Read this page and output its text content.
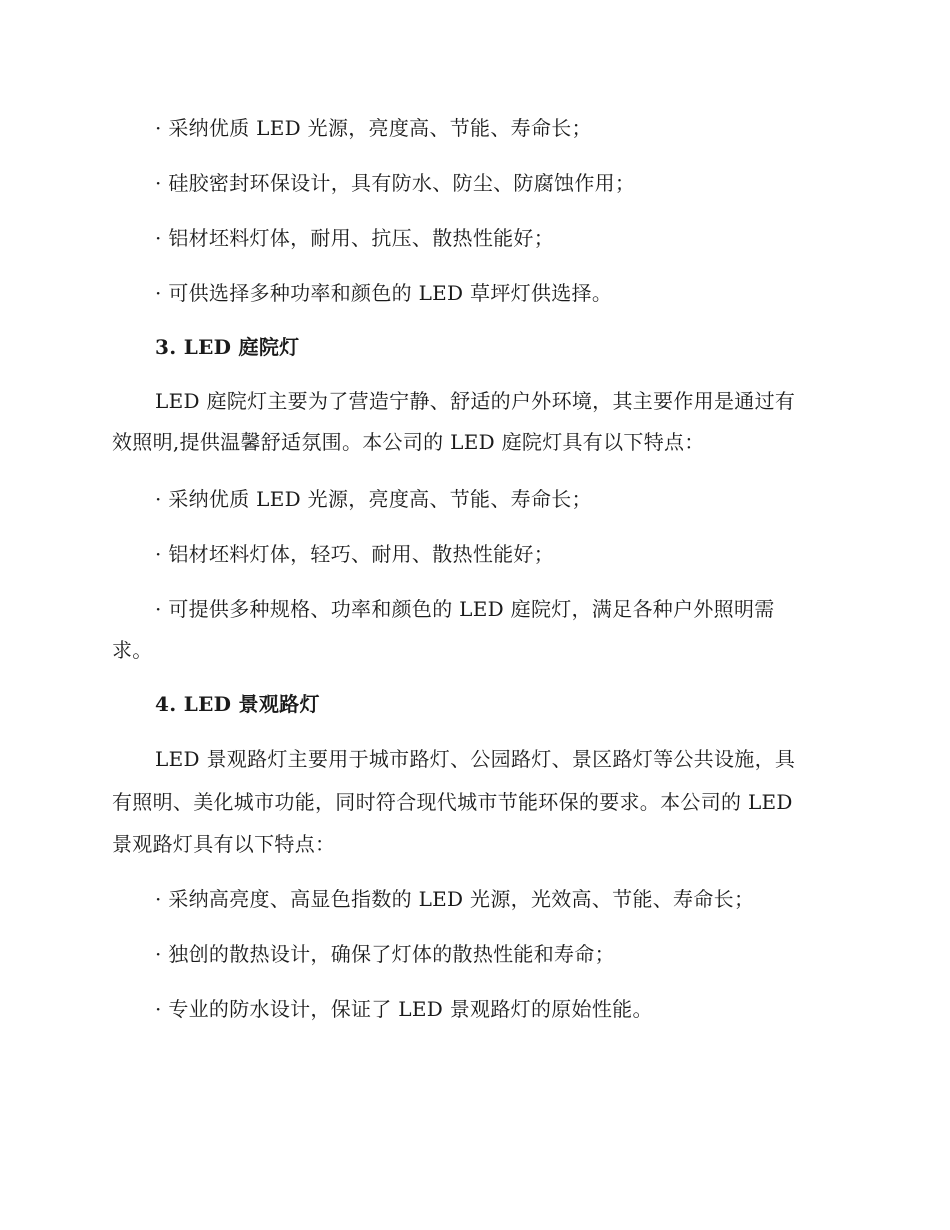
· 采纳优质 LED 光源，亮度高、节能、寿命长；
· 硅胶密封环保设计，具有防水、防尘、防腐蚀作用；
· 铝材坯料灯体，耐用、抗压、散热性能好；
· 可供选择多种功率和颜色的 LED 草坪灯供选择。
3. LED 庭院灯
LED 庭院灯主要为了营造宁静、舒适的户外环境，其主要作用是通过有
效照明,提供温馨舒适氛围。本公司的 LED 庭院灯具有以下特点：
· 采纳优质 LED 光源，亮度高、节能、寿命长；
· 铝材坯料灯体，轻巧、耐用、散热性能好；
· 可提供多种规格、功率和颜色的 LED 庭院灯，满足各种户外照明需
求。
4. LED 景观路灯
LED 景观路灯主要用于城市路灯、公园路灯、景区路灯等公共设施，具
有照明、美化城市功能，同时符合现代城市节能环保的要求。本公司的 LED
景观路灯具有以下特点：
· 采纳高亮度、高显色指数的 LED 光源，光效高、节能、寿命长；
· 独创的散热设计，确保了灯体的散热性能和寿命；
· 专业的防水设计，保证了 LED 景观路灯的原始性能。
